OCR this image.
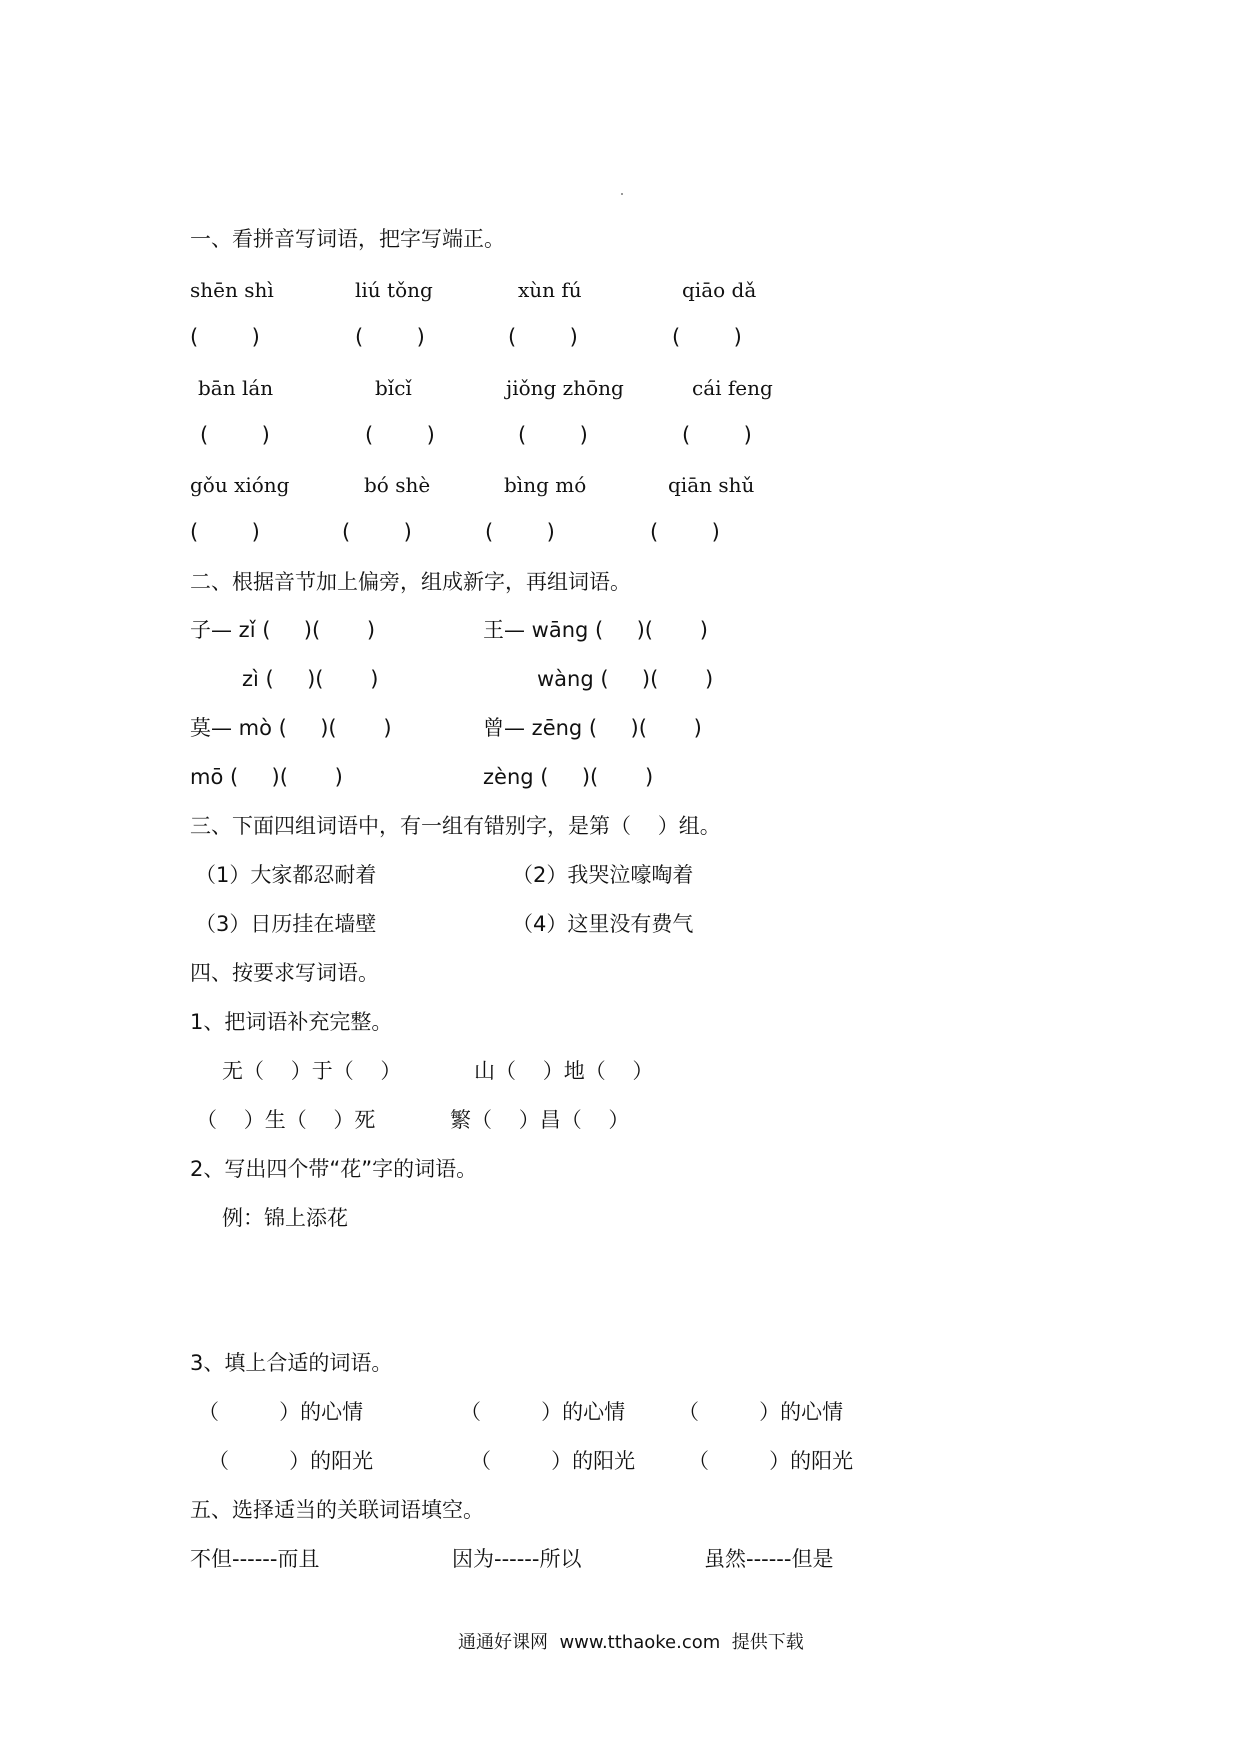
一、看拼音写词语，把字写端正。
shēn shì	liú tǒng	xùn fú	qiāo dǎ
(        )	(        )	(        )	(        )
bān lán	bǐcǐ	jiǒng zhōng	cái feng
(        )	(        )	(        )	(        )
gǒu xióng	bó shè	bìng mó	qiān shǔ
(        )	(        )	(        )	(        )
二、根据音节加上偏旁，组成新字，再组词语。
子— zǐ (     )(       )	王— wāng (     )(       )
zì (     )(       )	wàng (     )(       )
莫— mò (     )(       )	曾— zēng (     )(       )
mō (     )(       )	zèng (     )(       )
三、下面四组词语中，有一组有错别字，是第（    ）组。
（1）大家都忍耐着	（2）我哭泣嚎啕着
（3）日历挂在墙壁	（4）这里没有费气
四、按要求写词语。
1、把词语补充完整。
无（    ）于（    ）	山（    ）地（    ）
（    ）生（    ）死	繁（    ）昌（    ）
2、写出四个带“花”字的词语。
例：锦上添花
3、填上合适的词语。
（         ）的心情	（         ）的心情	（         ）的心情
（         ）的阳光	（         ）的阳光	（         ）的阳光
五、选择适当的关联词语填空。
不但------而且	因为------所以	虽然------但是
通通好课网  www.tthaoke.com  提供下载
